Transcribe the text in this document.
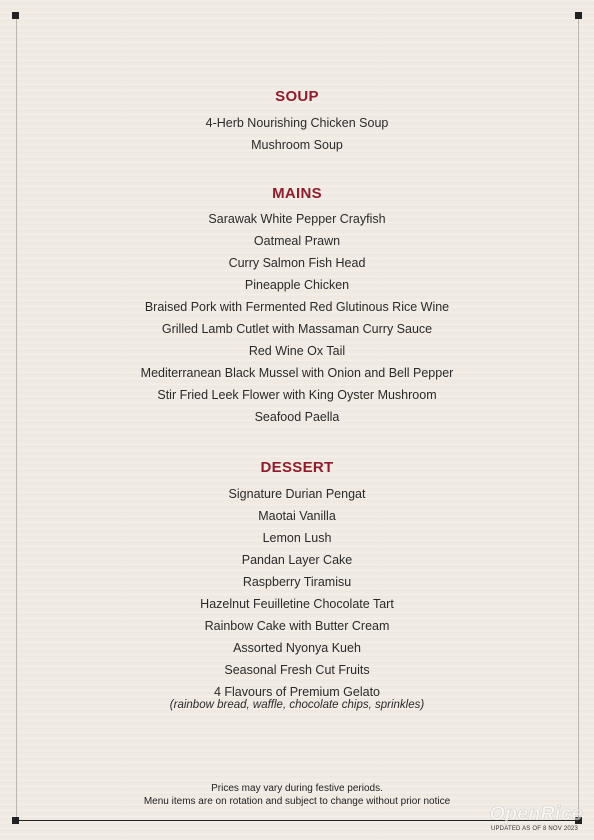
SOUP
4-Herb Nourishing Chicken Soup
Mushroom Soup
MAINS
Sarawak White Pepper Crayfish
Oatmeal Prawn
Curry Salmon Fish Head
Pineapple Chicken
Braised Pork with Fermented Red Glutinous Rice Wine
Grilled Lamb Cutlet with Massaman Curry Sauce
Red Wine Ox Tail
Mediterranean Black Mussel with Onion and Bell Pepper
Stir Fried Leek Flower with King Oyster Mushroom
Seafood Paella
DESSERT
Signature Durian Pengat
Maotai Vanilla
Lemon Lush
Pandan Layer Cake
Raspberry Tiramisu
Hazelnut Feuilletine Chocolate Tart
Rainbow Cake with Butter Cream
Assorted Nyonya Kueh
Seasonal Fresh Cut Fruits
4 Flavours of Premium Gelato
(rainbow bread, waffle, chocolate chips, sprinkles)
Prices may vary during festive periods.
Menu items are on rotation and subject to change without prior notice
UPDATED AS OF 8 NOV 2023
OpenRice
